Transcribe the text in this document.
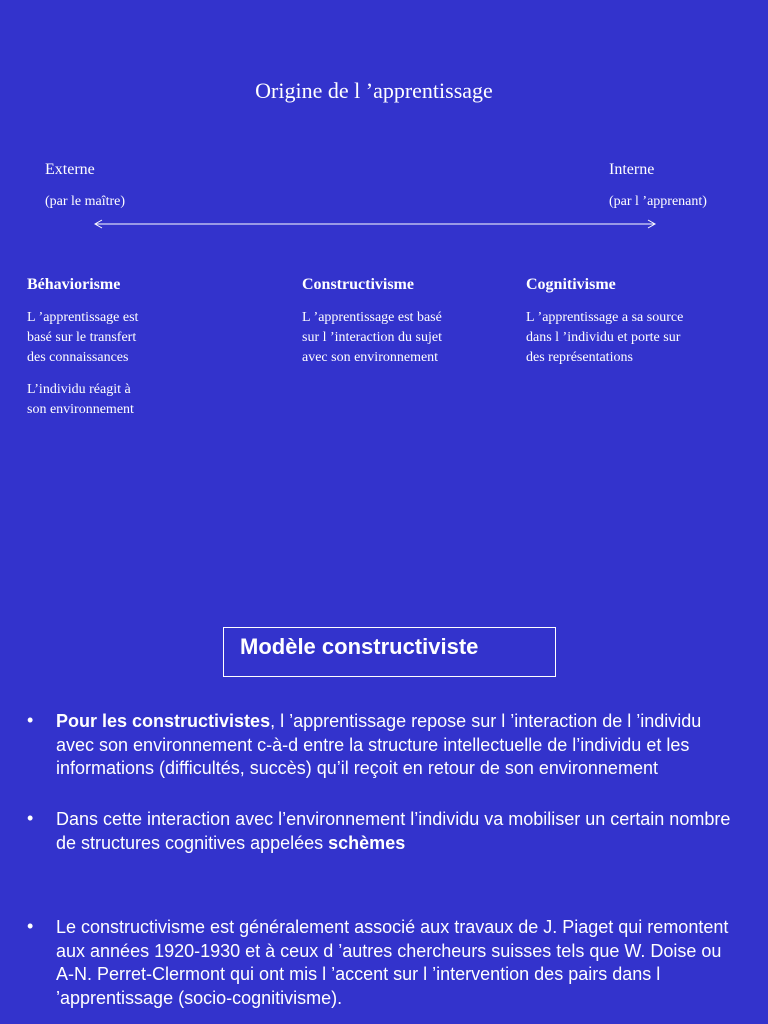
Origine de l ’apprentissage
Externe
(par le maître)
Interne
(par l ’apprenant)
Béhaviorisme
L ’apprentissage est
basé sur le transfert
des connaissances
L’individu réagit à
son environnement
Constructivisme
L ’apprentissage est basé
sur l ’interaction du sujet
avec son environnement
Cognitivisme
L ’apprentissage a sa source
dans l ’individu et porte sur
des représentations
Modèle constructiviste
• Pour les constructivistes, l ’apprentissage repose sur l ’interaction de l ’individu avec son environnement c-à-d entre la structure intellectuelle de l’individu et les informations (difficultés, succès) qu’il reçoit en retour de son environnement
• Dans cette interaction avec l’environnement l’individu va mobiliser un certain nombre de structures cognitives appelées schèmes
• Le constructivisme est généralement associé aux travaux de J. Piaget qui remontent aux années 1920-1930 et à ceux d ’autres chercheurs suisses tels que W. Doise ou A-N. Perret-Clermont qui ont mis l ’accent sur l ’intervention des pairs dans l ’apprentissage (socio-cognitivisme).
